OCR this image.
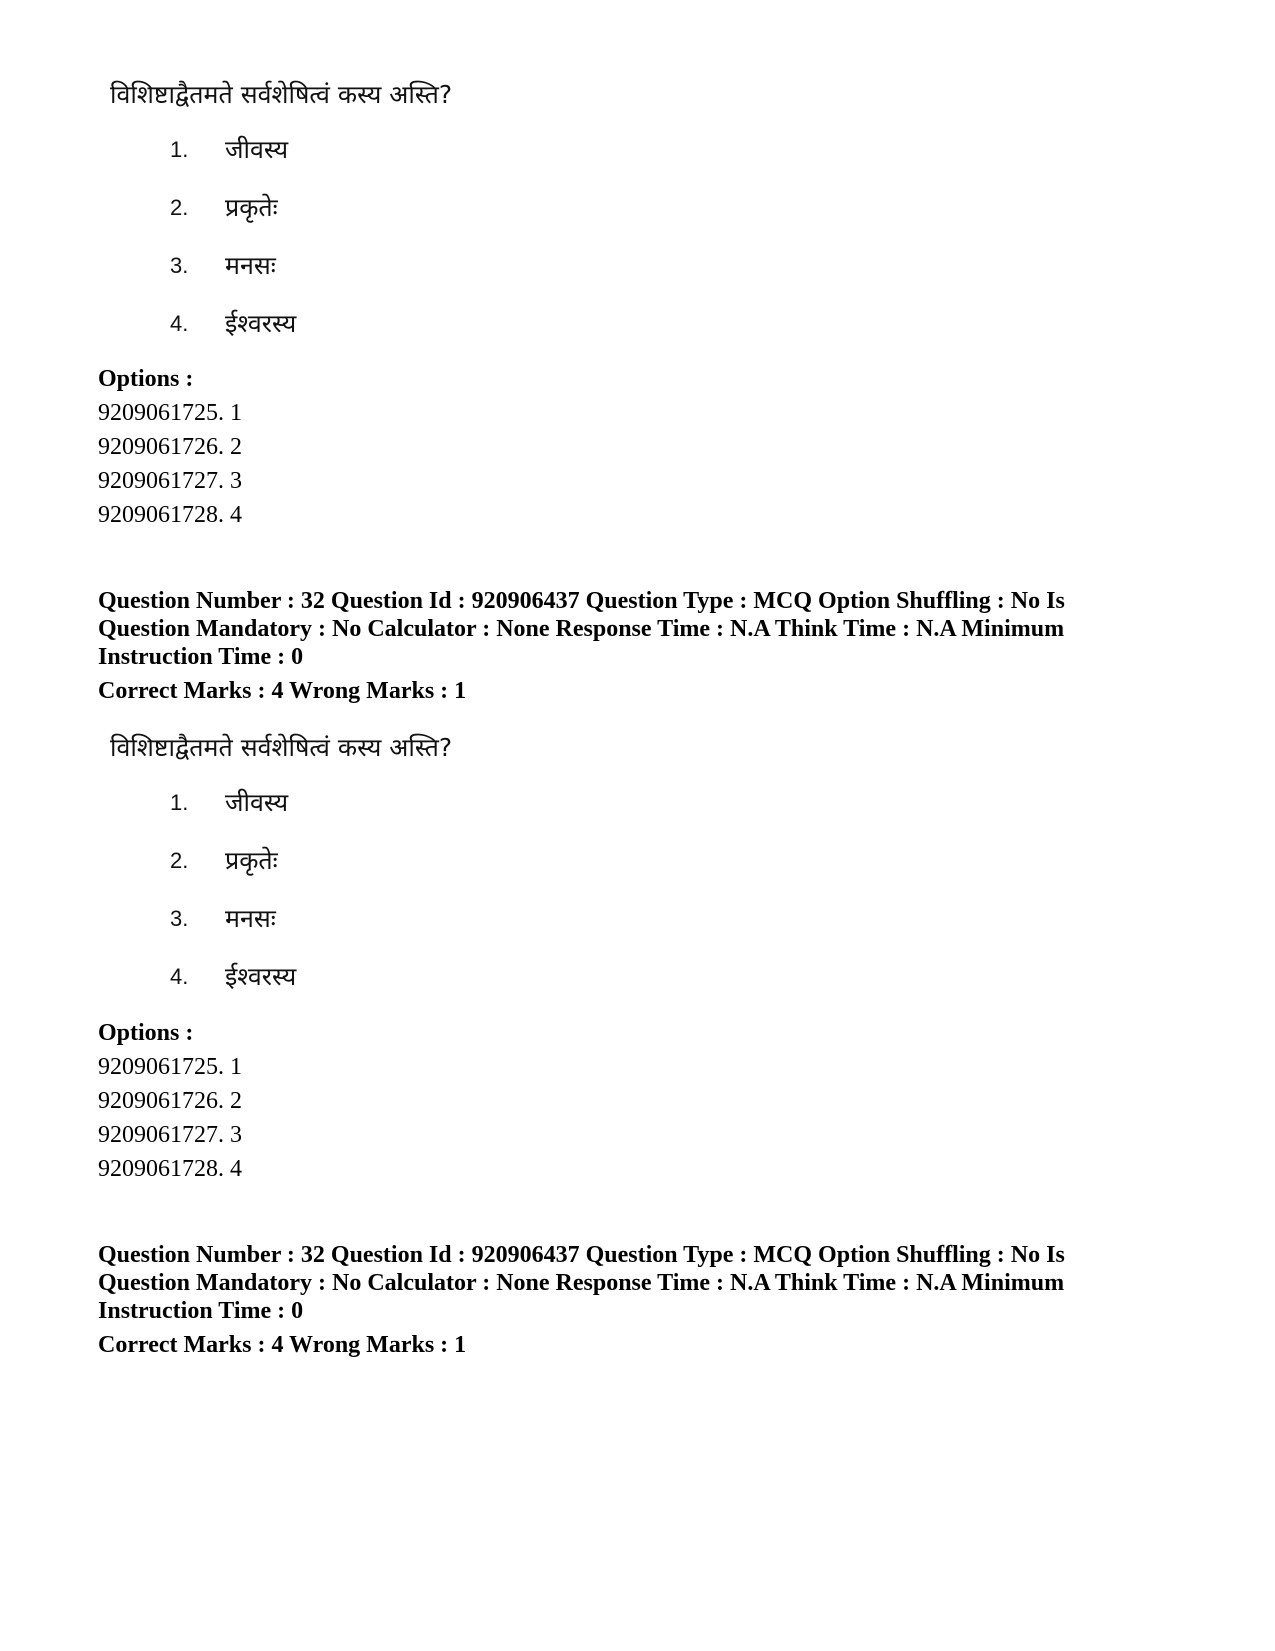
विशिष्टाद्वैतमते सर्वशेषित्वं कस्य अस्ति?
1. जीवस्य
2. प्रकृतेः
3. मनसः
4. ईश्वरस्य
Options :
9209061725. 1
9209061726. 2
9209061727. 3
9209061728. 4
Question Number : 32 Question Id : 920906437 Question Type : MCQ Option Shuffling : No Is
Question Mandatory : No Calculator : None Response Time : N.A Think Time : N.A Minimum
Instruction Time : 0
Correct Marks : 4 Wrong Marks : 1
विशिष्टाद्वैतमते सर्वशेषित्वं कस्य अस्ति?
1. जीवस्य
2. प्रकृतेः
3. मनसः
4. ईश्वरस्य
Options :
9209061725. 1
9209061726. 2
9209061727. 3
9209061728. 4
Question Number : 32 Question Id : 920906437 Question Type : MCQ Option Shuffling : No Is
Question Mandatory : No Calculator : None Response Time : N.A Think Time : N.A Minimum
Instruction Time : 0
Correct Marks : 4 Wrong Marks : 1
